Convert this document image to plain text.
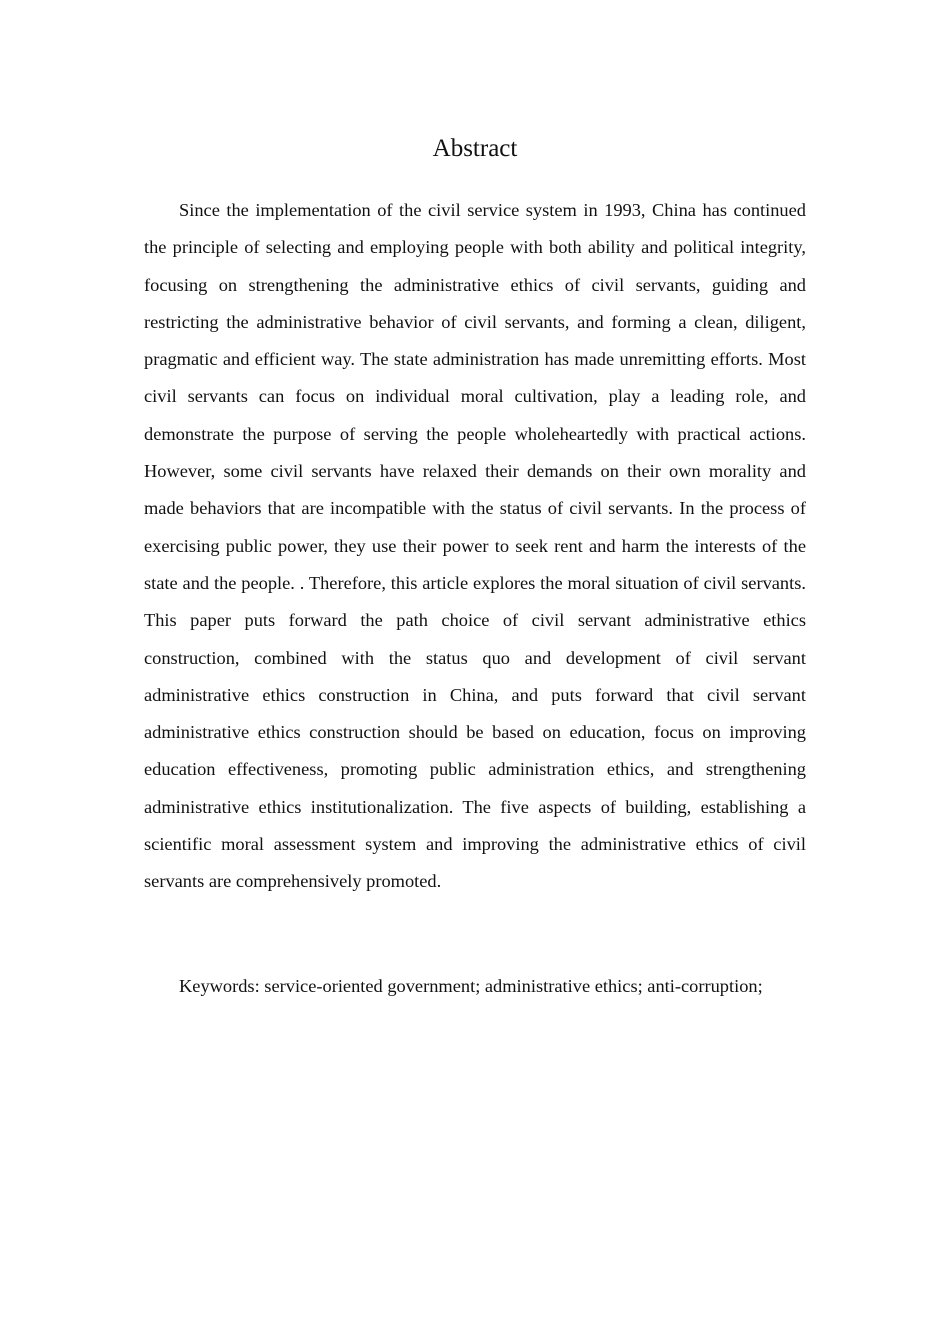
Abstract

Since the implementation of the civil service system in 1993, China has continued the principle of selecting and employing people with both ability and political integrity, focusing on strengthening the administrative ethics of civil servants, guiding and restricting the administrative behavior of civil servants, and forming a clean, diligent, pragmatic and efficient way. The state administration has made unremitting efforts. Most civil servants can focus on individual moral cultivation, play a leading role, and demonstrate the purpose of serving the people wholeheartedly with practical actions. However, some civil servants have relaxed their demands on their own morality and made behaviors that are incompatible with the status of civil servants. In the process of exercising public power, they use their power to seek rent and harm the interests of the state and the people. . Therefore, this article explores the moral situation of civil servants. This paper puts forward the path choice of civil servant administrative ethics construction, combined with the status quo and development of civil servant administrative ethics construction in China, and puts forward that civil servant administrative ethics construction should be based on education, focus on improving education effectiveness, promoting public administration ethics, and strengthening administrative ethics institutionalization. The five aspects of building, establishing a scientific moral assessment system and improving the administrative ethics of civil servants are comprehensively promoted.

Keywords: service-oriented government; administrative ethics; anti-corruption;
